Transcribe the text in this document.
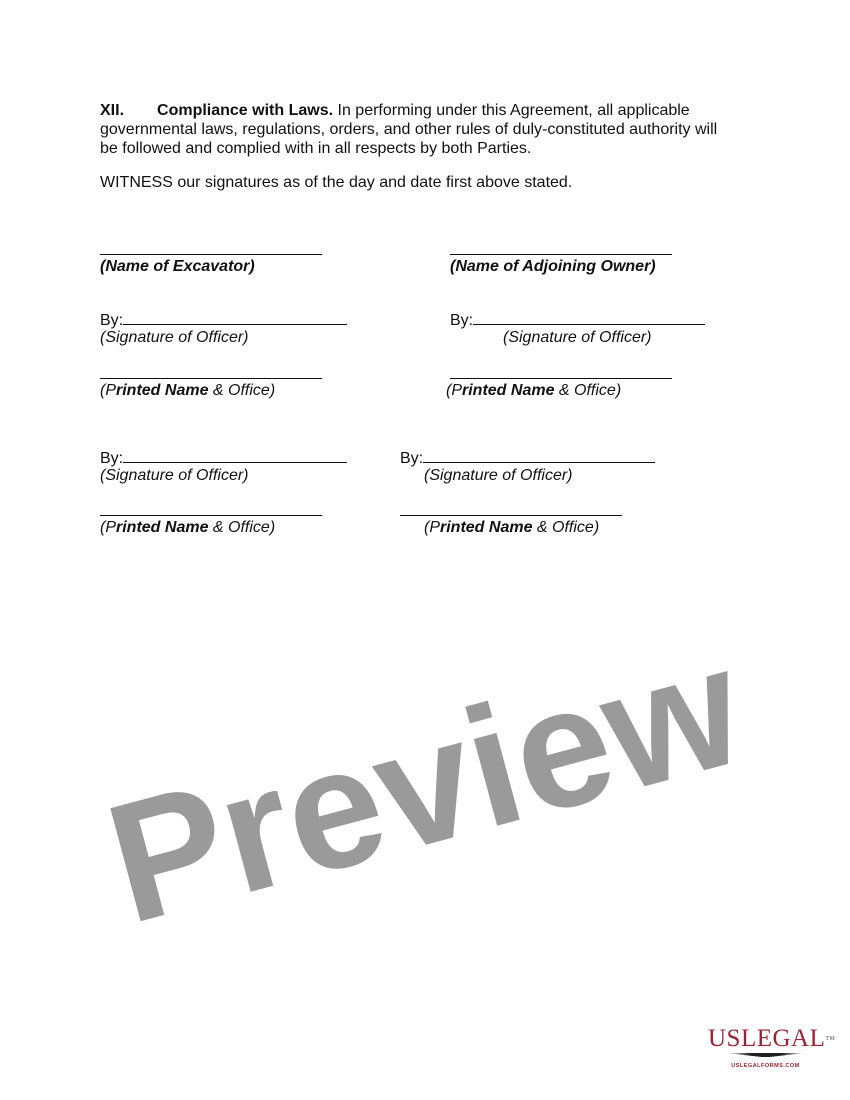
XII. Compliance with Laws. In performing under this Agreement, all applicable
governmental laws, regulations, orders, and other rules of duly-constituted authority will
be followed and complied with in all respects by both Parties.
WITNESS our signatures as of the day and date first above stated.
(Name of Excavator)	(Name of Adjoining Owner)
By:	By:
(Signature of Officer)	(Signature of Officer)
(Printed Name & Office)	(Printed Name & Office)
By:	By:
(Signature of Officer)	(Signature of Officer)
(Printed Name & Office)	(Printed Name & Office)
Preview
USLEGAL™
USLEGALFORMS.COM
